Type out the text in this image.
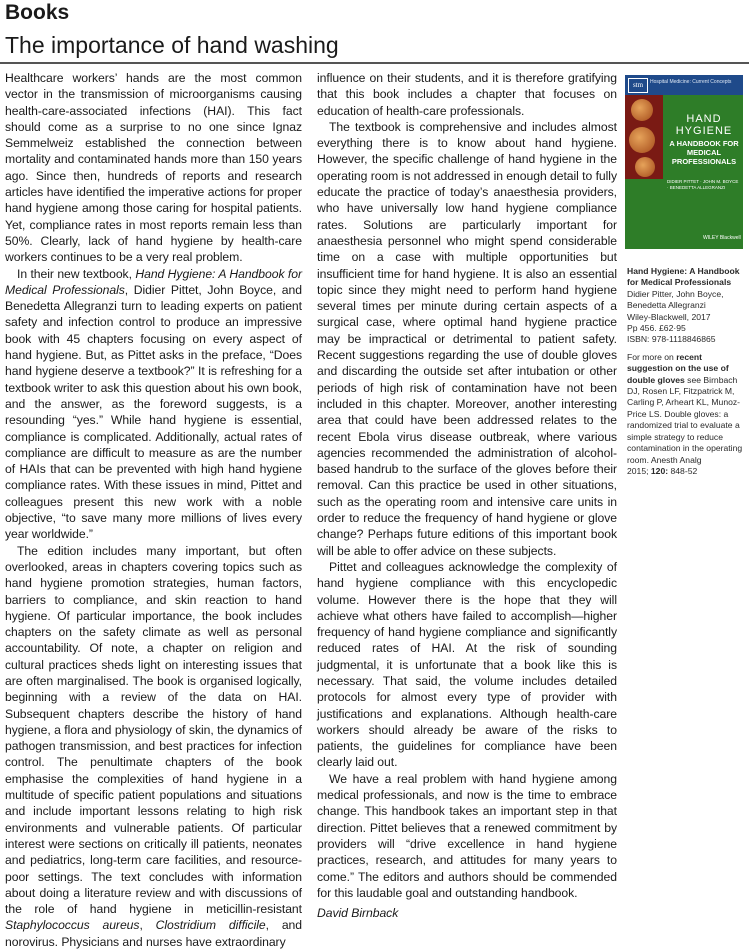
Books
The importance of hand washing

Healthcare workers’ hands are the most common vector in the transmission of microorganisms causing health-care-associated infections (HAI). This fact should come as a surprise to no one since Ignaz Semmelweiz established the connection between mortality and contaminated hands more than 150 years ago. Since then, hundreds of reports and research articles have identified the imperative actions for proper hand hygiene among those caring for hospital patients. Yet, compliance rates in most reports remain less than 50%. Clearly, lack of hand hygiene by health-care workers continues to be a very real problem.

In their new textbook, Hand Hygiene: A Handbook for Medical Professionals, Didier Pittet, John Boyce, and Benedetta Allegranzi turn to leading experts on patient safety and infection control to produce an impressive book with 45 chapters focusing on every aspect of hand hygiene. But, as Pittet asks in the preface, “Does hand hygiene deserve a textbook?” It is refreshing for a textbook writer to ask this question about his own book, and the answer, as the foreword suggests, is a resounding “yes.” While hand hygiene is essential, compliance is complicated. Additionally, actual rates of compliance are difficult to measure as are the number of HAIs that can be prevented with high hand hygiene compliance rates. With these issues in mind, Pittet and colleagues present this new work with a noble objective, “to save many more millions of lives every year worldwide.”

The edition includes many important, but often overlooked, areas in chapters covering topics such as hand hygiene promotion strategies, human factors, barriers to compliance, and skin reaction to hand hygiene. Of particular importance, the book includes chapters on the safety climate as well as personal accountability. Of note, a chapter on religion and cultural practices sheds light on interesting issues that are often marginalised. The book is organised logically, beginning with a review of the data on HAI. Subsequent chapters describe the history of hand hygiene, a flora and physiology of skin, the dynamics of pathogen transmission, and best practices for infection control. The penultimate chapters of the book emphasise the complexities of hand hygiene in a multitude of specific patient populations and situations and include important lessons relating to high risk environments and vulnerable patients. Of particular interest were sections on critically ill patients, neonates and pediatrics, long-term care facilities, and resource-poor settings. The text concludes with information about doing a literature review and with discussions of the role of hand hygiene in meticillin-resistant Staphylococcus aureus, Clostridium difficile, and norovirus. Physicians and nurses have extraordinary

influence on their students, and it is therefore gratifying that this book includes a chapter that focuses on education of health-care professionals.

The textbook is comprehensive and includes almost everything there is to know about hand hygiene. However, the specific challenge of hand hygiene in the operating room is not addressed in enough detail to fully educate the practice of today’s anaesthesia providers, who have universally low hand hygiene compliance rates. Solutions are particularly important for anaesthesia personnel who might spend considerable time on a case with multiple opportunities but insufficient time for hand hygiene. It is also an essential topic since they might need to perform hand hygiene several times per minute during certain aspects of a surgical case, where optimal hand hygiene practice may be impractical or detrimental to patient safety. Recent suggestions regarding the use of double gloves and discarding the outside set after intubation or other periods of high risk of contamination have not been included in this chapter. Moreover, another interesting area that could have been addressed relates to the recent Ebola virus disease outbreak, where various agencies recommended the administration of alcohol-based handrub to the surface of the gloves before their removal. Can this practice be used in other situations, such as the operating room and intensive care units in order to reduce the frequency of hand hygiene or glove change? Perhaps future editions of this important book will be able to offer advice on these subjects.

Pittet and colleagues acknowledge the complexity of hand hygiene compliance with this encyclopedic volume. However there is the hope that they will achieve what others have failed to accomplish—higher frequency of hand hygiene compliance and significantly reduced rates of HAI. At the risk of sounding judgmental, it is unfortunate that a book like this is necessary. That said, the volume includes detailed protocols for almost every type of provider with justifications and explanations. Although health-care workers should already be aware of the risks to patients, the guidelines for compliance have been clearly laid out.

We have a real problem with hand hygiene among medical professionals, and now is the time to embrace change. This handbook takes an important step in that direction. Pittet believes that a renewed commitment by providers will “drive excellence in hand hygiene practices, research, and attitudes for many years to come.” The editors and authors should be commended for this laudable goal and outstanding handbook.

David Birnback

stm	Hospital Medicine: Current Concepts
HAND HYGIENE
A HANDBOOK FOR MEDICAL PROFESSIONALS
DIDIER PITTET · JOHN M. BOYCE · BENEDETTA ALLEGRANZI
WILEY Blackwell
Hand Hygiene: A Handbook for Medical Professionals
Didier Pitter, John Boyce, Benedetta Allegranzi
Wiley-Blackwell, 2017
Pp 456. £62·95
ISBN: 978-1118846865
For more on recent suggestion on the use of double gloves see Birnbach DJ, Rosen LF, Fitzpatrick M, Carling P, Arheart KL, Munoz-Price LS. Double gloves: a randomized trial to evaluate a simple strategy to reduce contamination in the operating room. Anesth Analg
2015; 120: 848-52
